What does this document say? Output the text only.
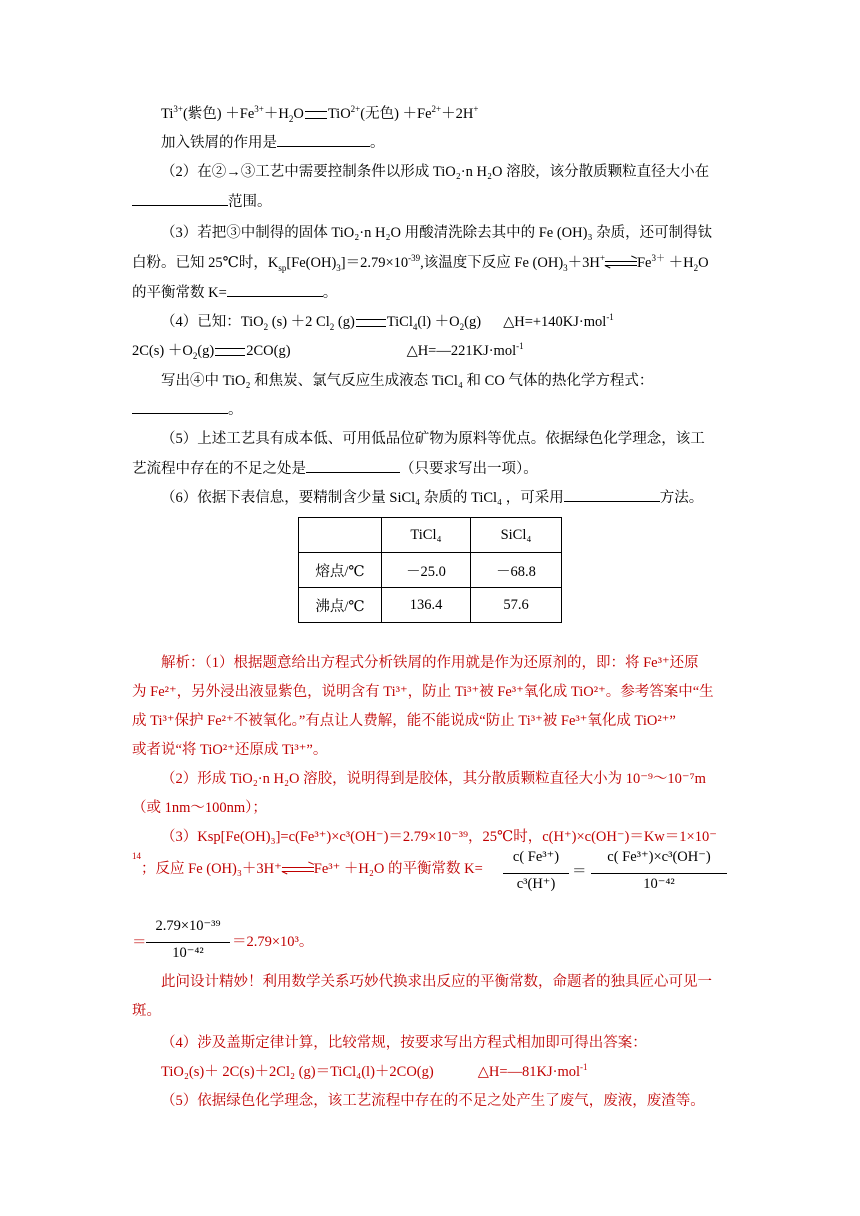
$Ti^{3+}$(紫色) $+Fe^{3+}+H_2O$ TiO$^{2+}$(无色) $+Fe^{2+}+2H^+$
加入铁屑的作用是	。
（2）在②→③工艺中需要控制条件以形成 TiO₂·n H₂O 溶胶，该分散质颗粒直径大小在
范围。
（3）若把③中制得的固体 TiO₂·n H₂O 用酸清洗除去其中的 Fe (OH)₃ 杂质，还可制得钛
白粉。已知 25℃时，$K_{sp}[Fe(OH)_3]=2.79\times 10^{-39}$,该温度下反应 Fe $(OH)_3+3H^+$ $Fe^{3+} +H_2O$
的平衡常数 K=	。
（4）已知：TiO$_2$ (s) ＋2 $Cl_2$ (g) TiCl$_4$(l) $+O_2(g)$ △H=+140KJ·mol$^{-1}$
$2C(s) +O_2(g)$ 2CO(g)	△H=—221KJ·mol$^{-1}$
写出④中 TiO₂ 和焦炭、氯气反应生成液态 TiCl₄ 和 CO 气体的热化学方程式：
。
（5）上述工艺具有成本低、可用低品位矿物为原料等优点。依据绿色化学理念，该工
艺流程中存在的不足之处是	（只要求写出一项）。
（6）依据下表信息，要精制含少量 SiCl₄ 杂质的 TiCl₄ ，可采用	方法。
	TiCl₄	SiCl₄
熔点/℃	－25.0	－68.8
沸点/℃	136.4	57.6
解析：（1）根据题意给出方程式分析铁屑的作用就是作为还原剂的，即：将 Fe³⁺还原
为 Fe²⁺，另外浸出液显紫色，说明含有 Ti³⁺，防止 Ti³⁺被 Fe³⁺氧化成 TiO²⁺。参考答案中“生
成 Ti³⁺保护 Fe²⁺不被氧化。”有点让人费解，能不能说成“防止 Ti³⁺被 Fe³⁺氧化成 TiO²⁺”
或者说“将 TiO²⁺还原成 Ti³⁺”。
（2）形成 TiO₂·n H₂O 溶胶，说明得到是胶体，其分散质颗粒直径大小为 10⁻⁹～10⁻⁷m
（或 1nm～100nm）；
（3）Ksp[Fe(OH)₃]=c(Fe³⁺)×c³(OH⁻)＝2.79×10⁻³⁹，25℃时，c(H⁺)×c(OH⁻)＝Kw＝1×10⁻
$^{14}$；反应 Fe (OH)₃＋3H⁺ Fe³⁺ ＋H₂O 的平衡常数 K=
c( Fe³⁺)
c³(H⁺)
＝
c( Fe³⁺)×c³(OH⁻)
10⁻⁴²
＝
2.79×10⁻³⁹
10⁻⁴²
＝2.79×10³。
此问设计精妙！利用数学关系巧妙代换求出反应的平衡常数，命题者的独具匠心可见一
斑。
（4）涉及盖斯定律计算，比较常规，按要求写出方程式相加即可得出答案：
TiO₂(s)＋ 2C(s)＋2Cl₂ (g)＝TiCl₄(l)＋2CO(g)	△H=—81KJ·mol$^{-1}$
（5）依据绿色化学理念，该工艺流程中存在的不足之处产生了废气，废液，废渣等。
